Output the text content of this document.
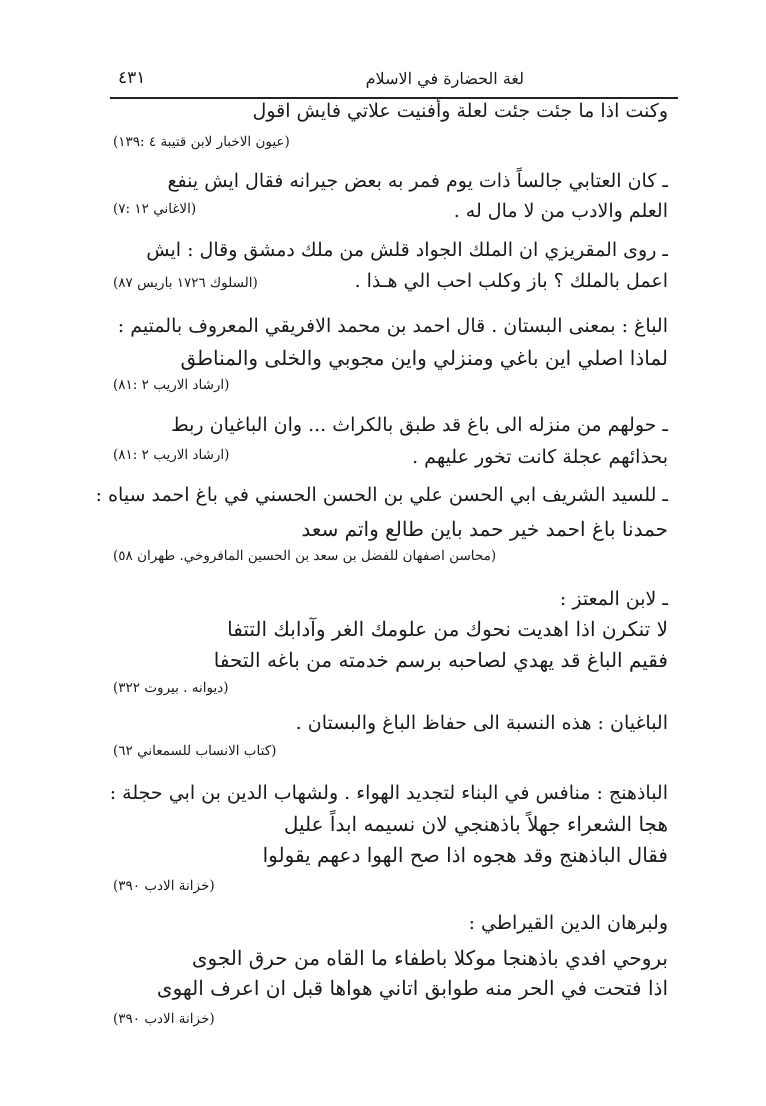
٤٣١	لغة الحضارة في الاسلام
وكنت اذا ما جئت جئت لعلة وأفنيت علاتي فايش اقول
(عيون الاخبار لابن قتيبة ٤ :١٣٩)
ـ كان العتابي جالساً ذات يوم فمر به بعض جيرانه فقال ايش ينفع
العلم والادب من لا مال له .
(الاغاني ١٢ :٧)
ـ روى المقريزي ان الملك الجواد قلش من ملك دمشق وقال : ايش
اعمل بالملك ؟ باز وكلب احب الي هـذا .
(السلوك ١٧٢٦ باريس ٨٧)
الباغ : بمعنى البستان . قال احمد بن محمد الافريقي المعروف بالمتيم :
لماذا اصلي اين باغي ومنزلي واين مجوبي والخلى والمناطق
(ارشاد الاريب ٢ :٨١)
ـ حولهم من منزله الى باغ قد طبق بالكراث ... وان الباغيان ربط
بحذائهم عجلة كانت تخور عليهم .
(ارشاد الاريب ٢ :٨١)
ـ للسيد الشريف ابي الحسن علي بن الحسن الحسني في باغ احمد سياه :
حمدنا باغ احمد خير حمد باين طالع واتم سعد
(محاسن اصفهان للفضل بن سعد بن الحسين المافروخي. طهران ٥٨)
ـ لابن المعتز :
لا تنكرن اذا اهديت نحوك من علومك الغر وآدابك التتفا
فقيم الباغ قد يهدي لصاحبه برسم خدمته من باغه التحفا
(ديوانه . بيروت ٣٢٢)
الباغيان : هذه النسبة الى حفاظ الباغ والبستان .
(كتاب الانساب للسمعاني ٦٢)
الباذهنج : منافس في البناء لتجديد الهواء . ولشهاب الدين بن ابي حجلة :
هجا الشعراء جهلاً باذهنجي لان نسيمه ابداً عليل
فقال الباذهنج وقد هجوه اذا صح الهوا دعهم يقولوا
(خزانة الادب ٣٩٠)
ولبرهان الدين القيراطي :
بروحي افدي باذهنجا موكلا باطفاء ما القاه من حرق الجوى
اذا فتحت في الحر منه طوابق اتاني هواها قبل ان اعرف الهوى
(خزانة الادب ٣٩٠)
